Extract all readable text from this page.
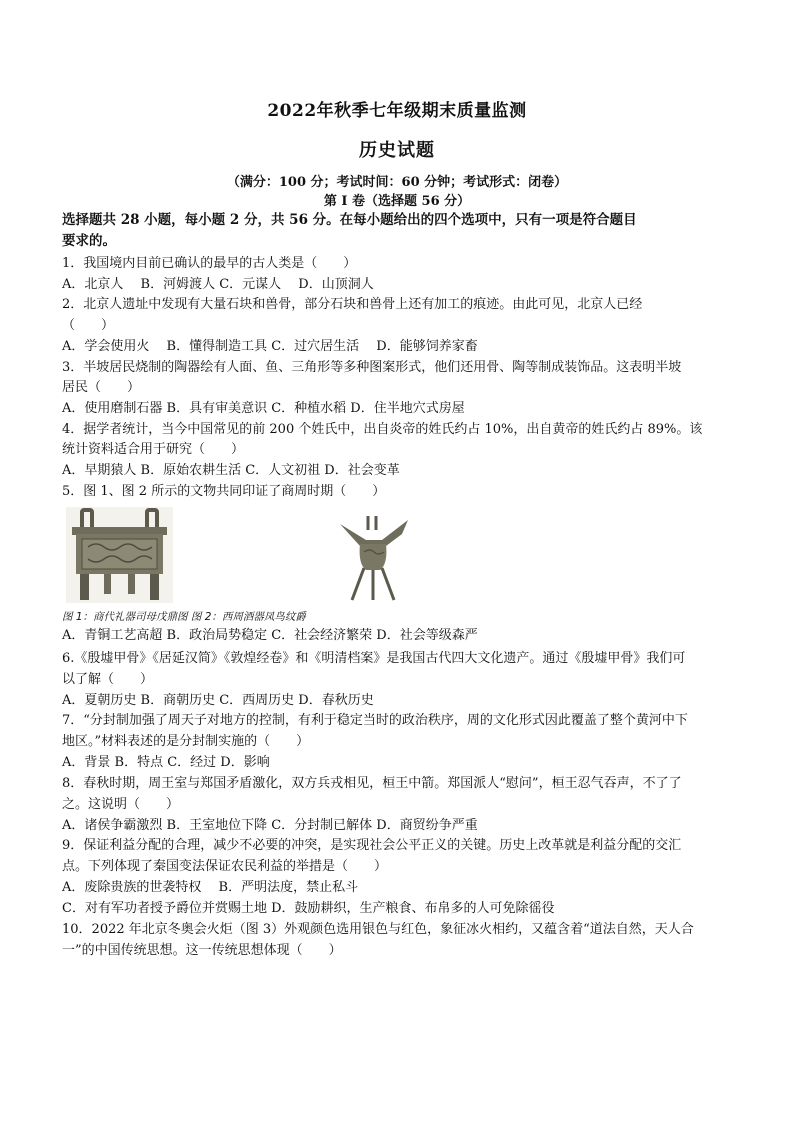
2022年秋季七年级期末质量监测
历史试题
（满分：100 分；考试时间：60 分钟；考试形式：闭卷）
第 I 卷（选择题 56 分）
选择题共 28 小题，每小题 2 分，共 56 分。在每小题给出的四个选项中，只有一项是符合题目
要求的。
1．我国境内目前已确认的最早的古人类是（　　）
A．北京人　 B．河姆渡人 C．元谋人　 D．山顶洞人
2．北京人遗址中发现有大量石块和兽骨，部分石块和兽骨上还有加工的痕迹。由此可见，北京人已经
（　　）
A．学会使用火　 B．懂得制造工具 C．过穴居生活　 D．能够饲养家畜
3．半坡居民烧制的陶器绘有人面、鱼、三角形等多种图案形式，他们还用骨、陶等制成装饰品。这表明半坡
居民（　　）
A．使用磨制石器 B．具有审美意识 C．种植水稻 D．住半地穴式房屋
4．据学者统计，当今中国常见的前 200 个姓氏中，出自炎帝的姓氏约占 10%，出自黄帝的姓氏约占 89%。该
统计资料适合用于研究（　　）
A．早期猿人 B．原始农耕生活 C．人文初祖 D．社会变革
5．图 1、图 2 所示的文物共同印证了商周时期（　　）
图 1：商代礼器司母戊鼎图 图 2：西周酒器凤鸟纹爵
A．青铜工艺高超 B．政治局势稳定 C．社会经济繁荣 D．社会等级森严
6.《殷墟甲骨》《居延汉简》《敦煌经卷》和《明清档案》是我国古代四大文化遗产。通过《殷墟甲骨》我们可
以了解（　　）
A．夏朝历史 B．商朝历史 C．西周历史 D．春秋历史
7．“分封制加强了周天子对地方的控制，有利于稳定当时的政治秩序，周的文化形式因此覆盖了整个黄河中下
地区。”材料表述的是分封制实施的（　　）
A．背景 B．特点 C．经过 D．影响
8．春秋时期，周王室与郑国矛盾激化，双方兵戎相见，桓王中箭。郑国派人“慰问”，桓王忍气吞声，不了了
之。这说明（　　）
A．诸侯争霸激烈 B．王室地位下降 C．分封制已解体 D．商贸纷争严重
9．保证利益分配的合理，减少不必要的冲突，是实现社会公平正义的关键。历史上改革就是利益分配的交汇
点。下列体现了秦国变法保证农民利益的举措是（　　）
A．废除贵族的世袭特权　 B．严明法度，禁止私斗
C．对有军功者授予爵位并赏赐土地 D．鼓励耕织，生产粮食、布帛多的人可免除徭役
10．2022 年北京冬奥会火炬（图 3）外观颜色选用银色与红色，象征冰火相约，又蕴含着“道法自然，天人合
一”的中国传统思想。这一传统思想体现（　　）
